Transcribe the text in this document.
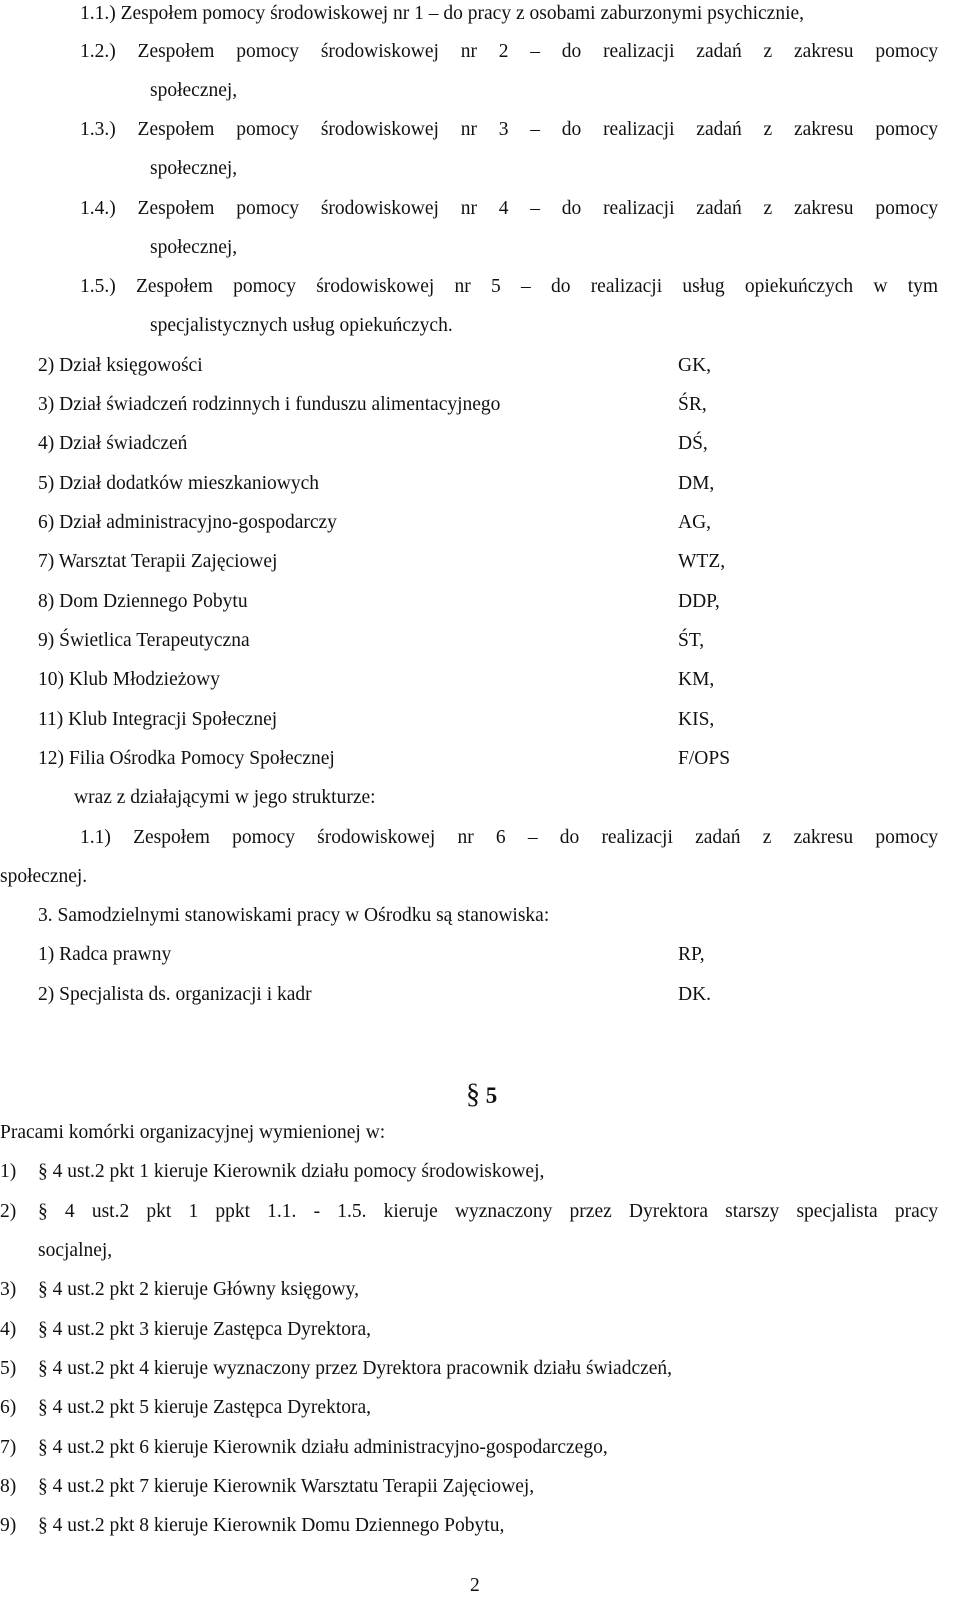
1.1.) Zespołem pomocy środowiskowej nr 1 – do pracy z osobami zaburzonymi psychicznie,
1.2.) Zespołem pomocy środowiskowej nr 2 – do realizacji zadań z zakresu pomocy
społecznej,
1.3.) Zespołem pomocy środowiskowej nr 3 – do realizacji zadań z zakresu pomocy
społecznej,
1.4.) Zespołem pomocy środowiskowej nr 4 – do realizacji zadań z zakresu pomocy
społecznej,
1.5.) Zespołem pomocy środowiskowej nr 5 – do realizacji usług opiekuńczych w tym
specjalistycznych usług opiekuńczych.
2) Dział księgowości	GK,
3) Dział świadczeń rodzinnych i funduszu alimentacyjnego	ŚR,
4) Dział świadczeń	DŚ,
5) Dział dodatków mieszkaniowych	DM,
6) Dział administracyjno-gospodarczy	AG,
7) Warsztat Terapii Zajęciowej	WTZ,
8) Dom Dziennego Pobytu	DDP,
9) Świetlica Terapeutyczna	ŚT,
10) Klub Młodzieżowy	KM,
11) Klub Integracji Społecznej	KIS,
12) Filia Ośrodka Pomocy Społecznej	F/OPS
wraz z działającymi w jego strukturze:
1.1) Zespołem pomocy środowiskowej nr 6 – do realizacji zadań z zakresu pomocy
społecznej.
3. Samodzielnymi stanowiskami pracy w Ośrodku są stanowiska:
1) Radca prawny	RP,
2) Specjalista ds. organizacji i kadr	DK.
§ 5
Pracami komórki organizacyjnej wymienionej w:
1) § 4 ust.2 pkt 1 kieruje Kierownik działu pomocy środowiskowej,
2) § 4 ust.2 pkt 1 ppkt 1.1. - 1.5. kieruje wyznaczony przez Dyrektora starszy specjalista pracy
socjalnej,
3) § 4 ust.2 pkt 2 kieruje Główny księgowy,
4) § 4 ust.2 pkt 3 kieruje Zastępca Dyrektora,
5) § 4 ust.2 pkt 4 kieruje wyznaczony przez Dyrektora pracownik działu świadczeń,
6) § 4 ust.2 pkt 5 kieruje Zastępca Dyrektora,
7) § 4 ust.2 pkt 6 kieruje Kierownik działu administracyjno-gospodarczego,
8) § 4 ust.2 pkt 7 kieruje Kierownik Warsztatu Terapii Zajęciowej,
9) § 4 ust.2 pkt 8 kieruje Kierownik Domu Dziennego Pobytu,
2
